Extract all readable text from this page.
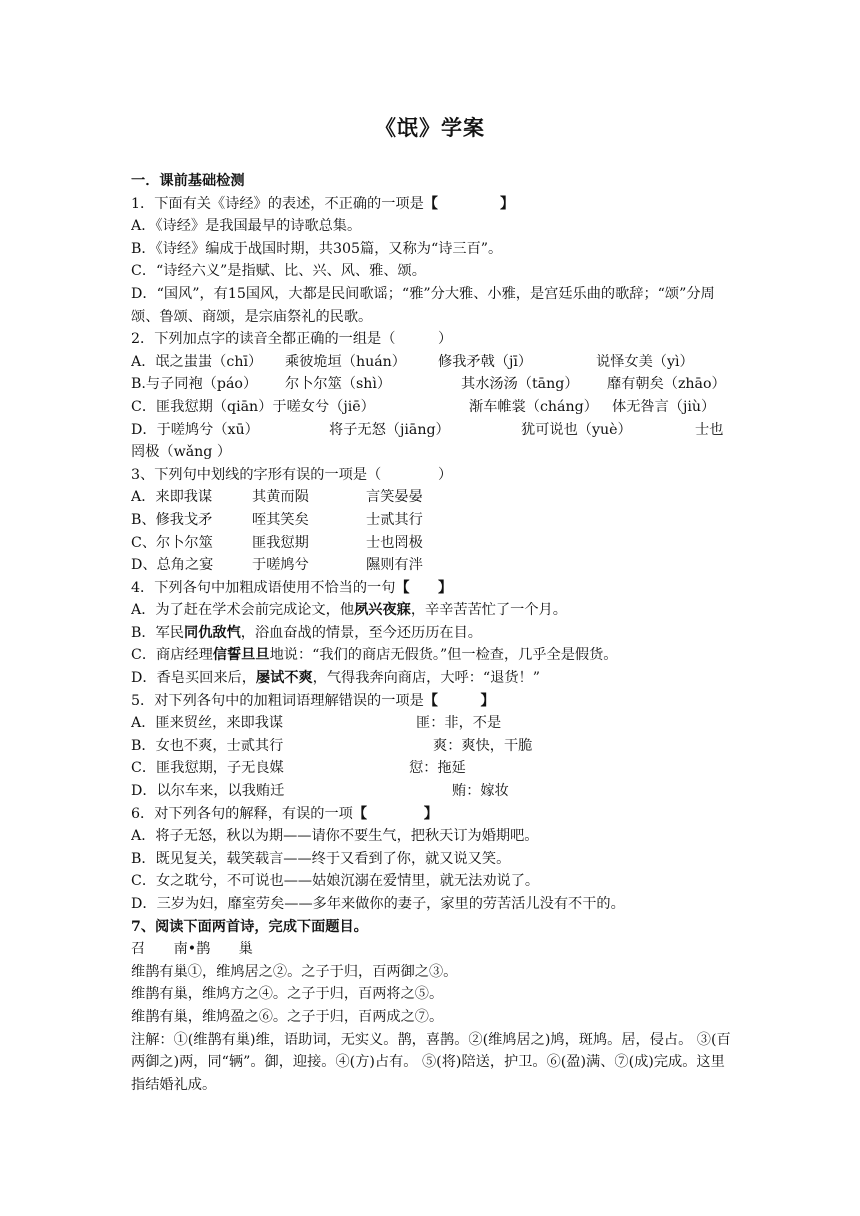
《氓》学案
一．课前基础检测
1．下面有关《诗经》的表述，不正确的一项是【	】
A．《诗经》是我国最早的诗歌总集。
B．《诗经》编成于战国时期，共305篇，又称为“诗三百”。
C．“诗经六义”是指赋、比、兴、风、雅、颂。
D．“国风”，有15国风，大都是民间歌谣；“雅”分大雅、小雅，是宫廷乐曲的歌辞；“颂”分周颂、鲁颂、商颂，是宗庙祭礼的民歌。
2．下列加点字的读音全都正确的一组是（　　　）
A．氓之蚩蚩（chī） 乘彼垝垣（huán） 修我矛戟（jī）	说怿女美（yì）
B.与子同袍（páo） 尔卜尔筮（shì）	其水汤汤（tāng） 靡有朝矣（zhāo）
C．匪我愆期（qiān）于嗟女兮（jiē）	渐车帷裳（cháng） 体无咎言（jiù）
D．于嗟鸠兮（xū）	将子无怒（jiāng）	犹可说也（yuè）	士也
罔极（wǎng ）
3、下列句中划线的字形有误的一项是（　　　　）
A．来即我谋	其黄而陨	言笑晏晏
B、修我戈矛	咥其笑矣	士贰其行
C、尔卜尔筮	匪我愆期	士也罔极
D、总角之宴	于嗟鸠兮	隰则有泮
4．下列各句中加粗成语使用不恰当的一句【　　】
A．为了赶在学术会前完成论文，他夙兴夜寐，辛辛苦苦忙了一个月。
B．军民同仇敌忾，浴血奋战的情景，至今还历历在目。
C．商店经理信誓旦旦地说：“我们的商店无假货。”但一检查，几乎全是假货。
D．香皂买回来后，屡试不爽，气得我奔向商店，大呼：“退货！”
5．对下列各句中的加粗词语理解错误的一项是【　　　】
A．匪来贸丝，来即我谋	匪：非，不是
B．女也不爽，士贰其行	爽：爽快，干脆
C．匪我愆期，子无良媒	愆：拖延
D．以尔车来，以我贿迁	贿：嫁妆
6．对下列各句的解释，有误的一项【　　　　】
A．将子无怒，秋以为期——请你不要生气，把秋天订为婚期吧。
B．既见复关，载笑载言——终于又看到了你，就又说又笑。
C．女之耽兮，不可说也——姑娘沉溺在爱情里，就无法劝说了。
D．三岁为妇，靡室劳矣——多年来做你的妻子，家里的劳苦活儿没有不干的。
7、阅读下面两首诗，完成下面题目。
召　　南•鹊　　巢
维鹊有巢①，维鸠居之②。之子于归，百两御之③。
维鹊有巢，维鸠方之④。之子于归，百两将之⑤。
维鹊有巢，维鸠盈之⑥。之子于归，百两成之⑦。
注解：①(维鹊有巢)维，语助词，无实义。鹊，喜鹊。②(维鸠居之)鸠，斑鸠。居，侵占。 ③(百两御之)两，同“辆”。御，迎接。④(方)占有。 ⑤(将)陪送，护卫。⑥(盈)满、⑦(成)完成。这里指结婚礼成。
